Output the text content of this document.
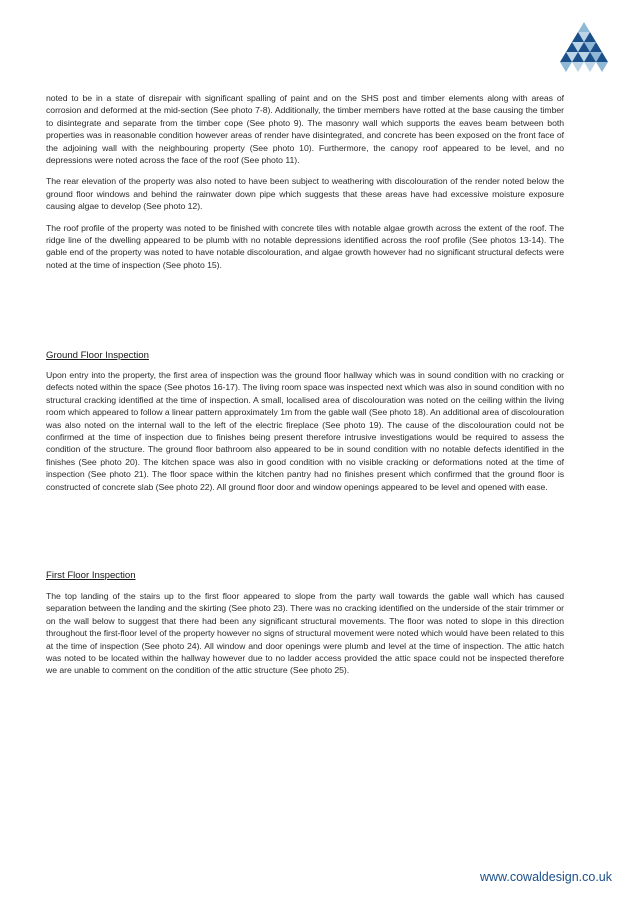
noted to be in a state of disrepair with significant spalling of paint and on the SHS post and timber elements along with areas of corrosion and deformed at the mid-section (See photo 7-8). Additionally, the timber members have rotted at the base causing the timber to disintegrate and separate from the timber cope (See photo 9). The masonry wall which supports the eaves beam between both properties was in reasonable condition however areas of render have disintegrated, and concrete has been exposed on the front face of the adjoining wall with the neighbouring property (See photo 10). Furthermore, the canopy roof appeared to be level, and no depressions were noted across the face of the roof (See photo 11).

The rear elevation of the property was also noted to have been subject to weathering with discolouration of the render noted below the ground floor windows and behind the rainwater down pipe which suggests that these areas have had excessive moisture exposure causing algae to develop (See photo 12).

The roof profile of the property was noted to be finished with concrete tiles with notable algae growth across the extent of the roof. The ridge line of the dwelling appeared to be plumb with no notable depressions identified across the roof profile (See photos 13-14). The gable end of the property was noted to have notable discolouration, and algae growth however had no significant structural defects were noted at the time of inspection (See photo 15).

Ground Floor Inspection

Upon entry into the property, the first area of inspection was the ground floor hallway which was in sound condition with no cracking or defects noted within the space (See photos 16-17). The living room space was inspected next which was also in sound condition with no structural cracking identified at the time of inspection. A small, localised area of discolouration was noted on the ceiling within the living room which appeared to follow a linear pattern approximately 1m from the gable wall (See photo 18). An additional area of discolouration was also noted on the internal wall to the left of the electric fireplace (See photo 19). The cause of the discolouration could not be confirmed at the time of inspection due to finishes being present therefore intrusive investigations would be required to assess the condition of the structure. The ground floor bathroom also appeared to be in sound condition with no notable defects identified in the finishes (See photo 20). The kitchen space was also in good condition with no visible cracking or deformations noted at the time of inspection (See photo 21). The floor space within the kitchen pantry had no finishes present which confirmed that the ground floor is constructed of concrete slab (See photo 22). All ground floor door and window openings appeared to be level and opened with ease.

First Floor Inspection

The top landing of the stairs up to the first floor appeared to slope from the party wall towards the gable wall which has caused separation between the landing and the skirting (See photo 23). There was no cracking identified on the underside of the stair trimmer or on the wall below to suggest that there had been any significant structural movements. The floor was noted to slope in this direction throughout the first-floor level of the property however no signs of structural movement were noted which would have been related to this at the time of inspection (See photo 24). All window and door openings were plumb and level at the time of inspection. The attic hatch was noted to be located within the hallway however due to no ladder access provided the attic space could not be inspected therefore we are unable to comment on the condition of the attic structure (See photo 25).

www.cowaldesign.co.uk
